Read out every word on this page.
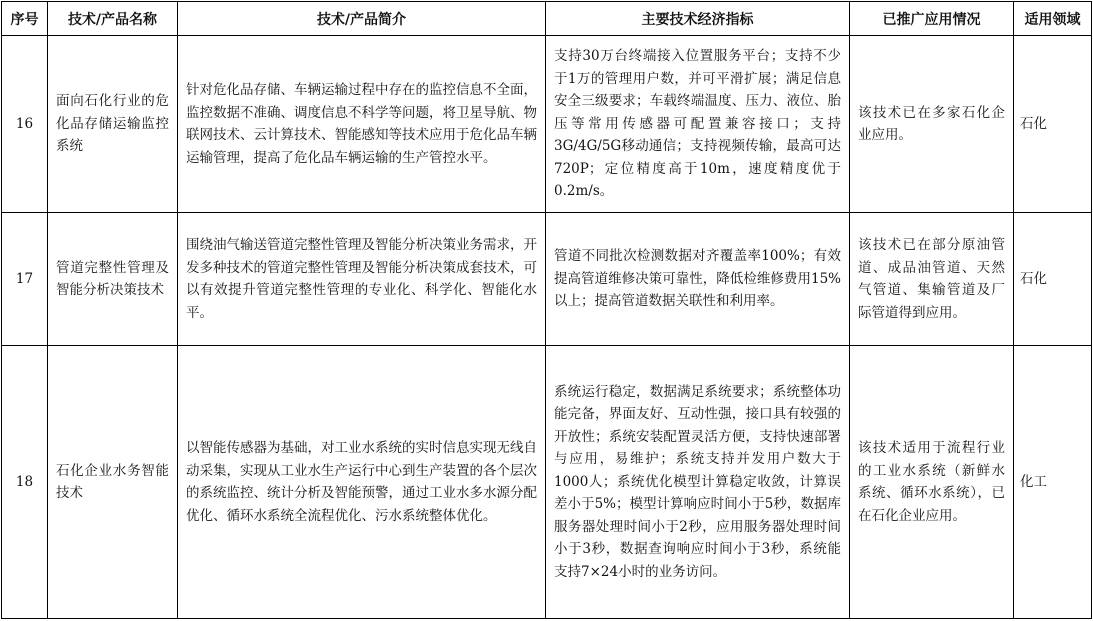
序号	技术/产品名称	技术/产品简介	主要技术经济指标	已推广应用情况	适用领域
16	面向石化行业的危化品存储运输监控系统	针对危化品存储、车辆运输过程中存在的监控信息不全面，监控数据不准确、调度信息不科学等问题，将卫星导航、物联网技术、云计算技术、智能感知等技术应用于危化品车辆运输管理，提高了危化品车辆运输的生产管控水平。	支持30万台终端接入位置服务平台；支持不少于1万的管理用户数，并可平滑扩展；满足信息安全三级要求；车载终端温度、压力、液位、胎压等常用传感器可配置兼容接口；支持3G/4G/5G移动通信；支持视频传输，最高可达720P；定位精度高于10m，速度精度优于0.2m/s。	该技术已在多家石化企业应用。	石化
17	管道完整性管理及智能分析决策技术	围绕油气输送管道完整性管理及智能分析决策业务需求，开发多种技术的管道完整性管理及智能分析决策成套技术，可以有效提升管道完整性管理的专业化、科学化、智能化水平。	管道不同批次检测数据对齐覆盖率100%；有效提高管道维修决策可靠性，降低检维修费用15%以上；提高管道数据关联性和利用率。	该技术已在部分原油管道、成品油管道、天然气管道、集输管道及厂际管道得到应用。	石化
18	石化企业水务智能技术	以智能传感器为基础，对工业水系统的实时信息实现无线自动采集，实现从工业水生产运行中心到生产装置的各个层次的系统监控、统计分析及智能预警，通过工业水多水源分配优化、循环水系统全流程优化、污水系统整体优化。	系统运行稳定，数据满足系统要求；系统整体功能完备，界面友好、互动性强，接口具有较强的开放性；系统安装配置灵活方便，支持快速部署与应用，易维护；系统支持并发用户数大于1000人；系统优化模型计算稳定收敛，计算误差小于5%；模型计算响应时间小于5秒，数据库服务器处理时间小于2秒，应用服务器处理时间小于3秒，数据查询响应时间小于3秒，系统能支持7×24小时的业务访问。	该技术适用于流程行业的工业水系统（新鲜水系统、循环水系统），已在石化企业应用。	化工
